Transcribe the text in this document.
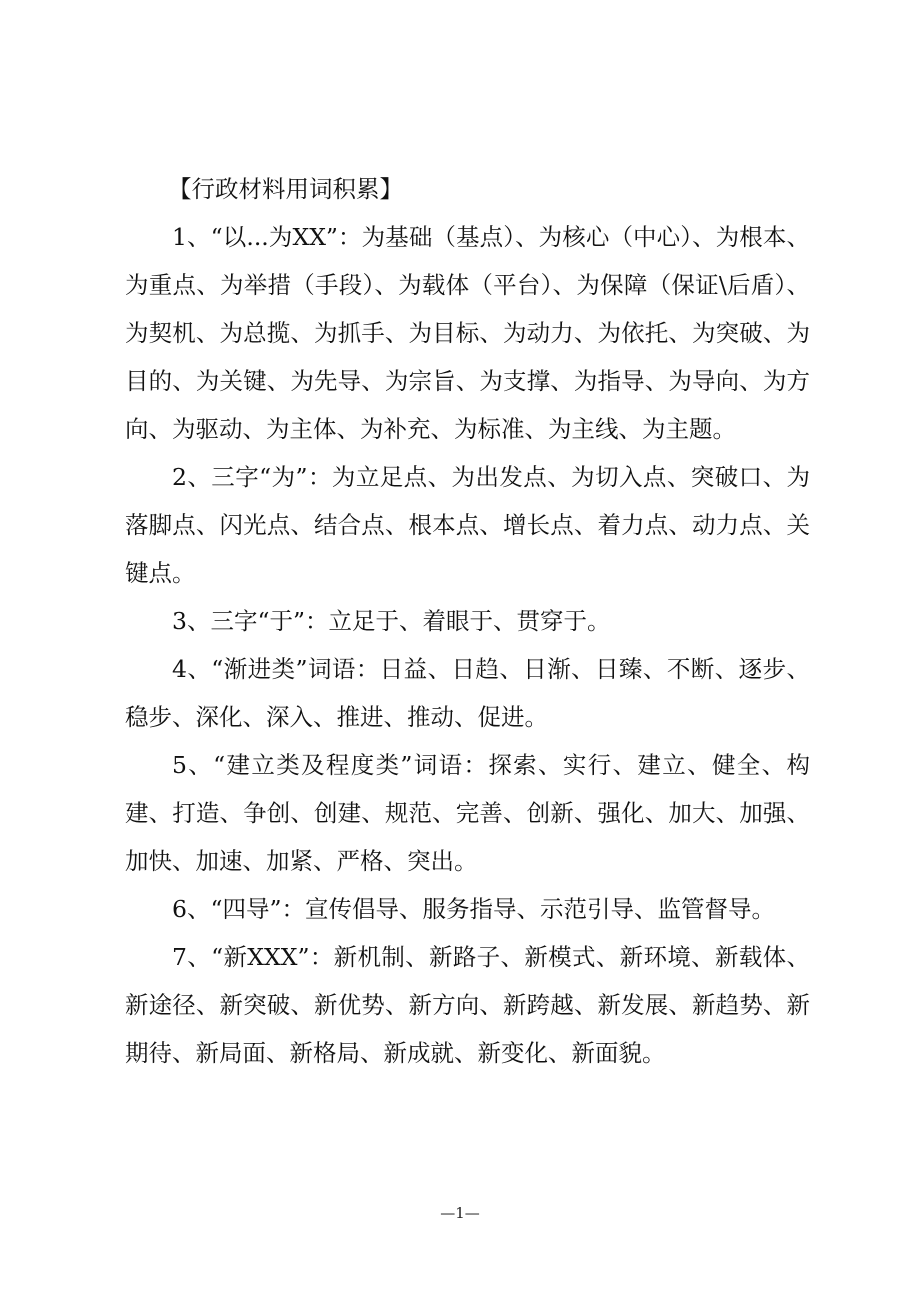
【行政材料用词积累】

1、“以...为XX”：为基础（基点）、为核心（中心）、为根本、为重点、为举措（手段）、为载体（平台）、为保障（保证\后盾）、为契机、为总揽、为抓手、为目标、为动力、为依托、为突破、为目的、为关键、为先导、为宗旨、为支撑、为指导、为导向、为方向、为驱动、为主体、为补充、为标准、为主线、为主题。

2、三字“为”：为立足点、为出发点、为切入点、突破口、为落脚点、闪光点、结合点、根本点、增长点、着力点、动力点、关键点。

3、三字“于”：立足于、着眼于、贯穿于。

4、“渐进类”词语：日益、日趋、日渐、日臻、不断、逐步、稳步、深化、深入、推进、推动、促进。

5、“建立类及程度类”词语：探索、实行、建立、健全、构建、打造、争创、创建、规范、完善、创新、强化、加大、加强、加快、加速、加紧、严格、突出。

6、“四导”：宣传倡导、服务指导、示范引导、监管督导。

7、“新XXX”：新机制、新路子、新模式、新环境、新载体、新途径、新突破、新优势、新方向、新跨越、新发展、新趋势、新期待、新局面、新格局、新成就、新变化、新面貌。

—1—
